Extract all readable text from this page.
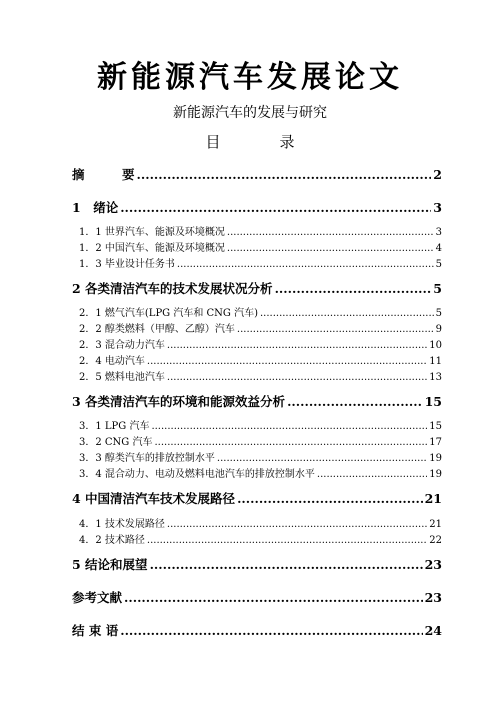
新能源汽车发展论文
新能源汽车的发展与研究
目　录
摘　　　要 .....	2
1　绪论 .....	3
1．1 世界汽车、能源及环境概况 .....	3
1．2 中国汽车、能源及环境概况 .....	4
1．3 毕业设计任务书 .....	5
2 各类清洁汽车的技术发展状况分析 .....	5
2．1 燃气汽车(LPG 汽车和 CNG 汽车) .....	5
2．2 醇类燃料（甲醇、乙醇）汽车 .....	9
2．3 混合动力汽车 .....	10
2．4 电动汽车 .....	11
2．5 燃料电池汽车 .....	13
3 各类清洁汽车的环境和能源效益分析 .....	15
3．1 LPG 汽车 .....	15
3．2 CNG 汽车 .....	17
3．3 醇类汽车的排放控制水平 .....	19
3．4 混合动力、电动及燃料电池汽车的排放控制水平 .....	19
4 中国清洁汽车技术发展路径 .....	21
4．1 技术发展路径 .....	21
4．2 技术路径 .....	22
5 结论和展望 .....	23
参考文献 .....	23
结 束 语 .....	24
